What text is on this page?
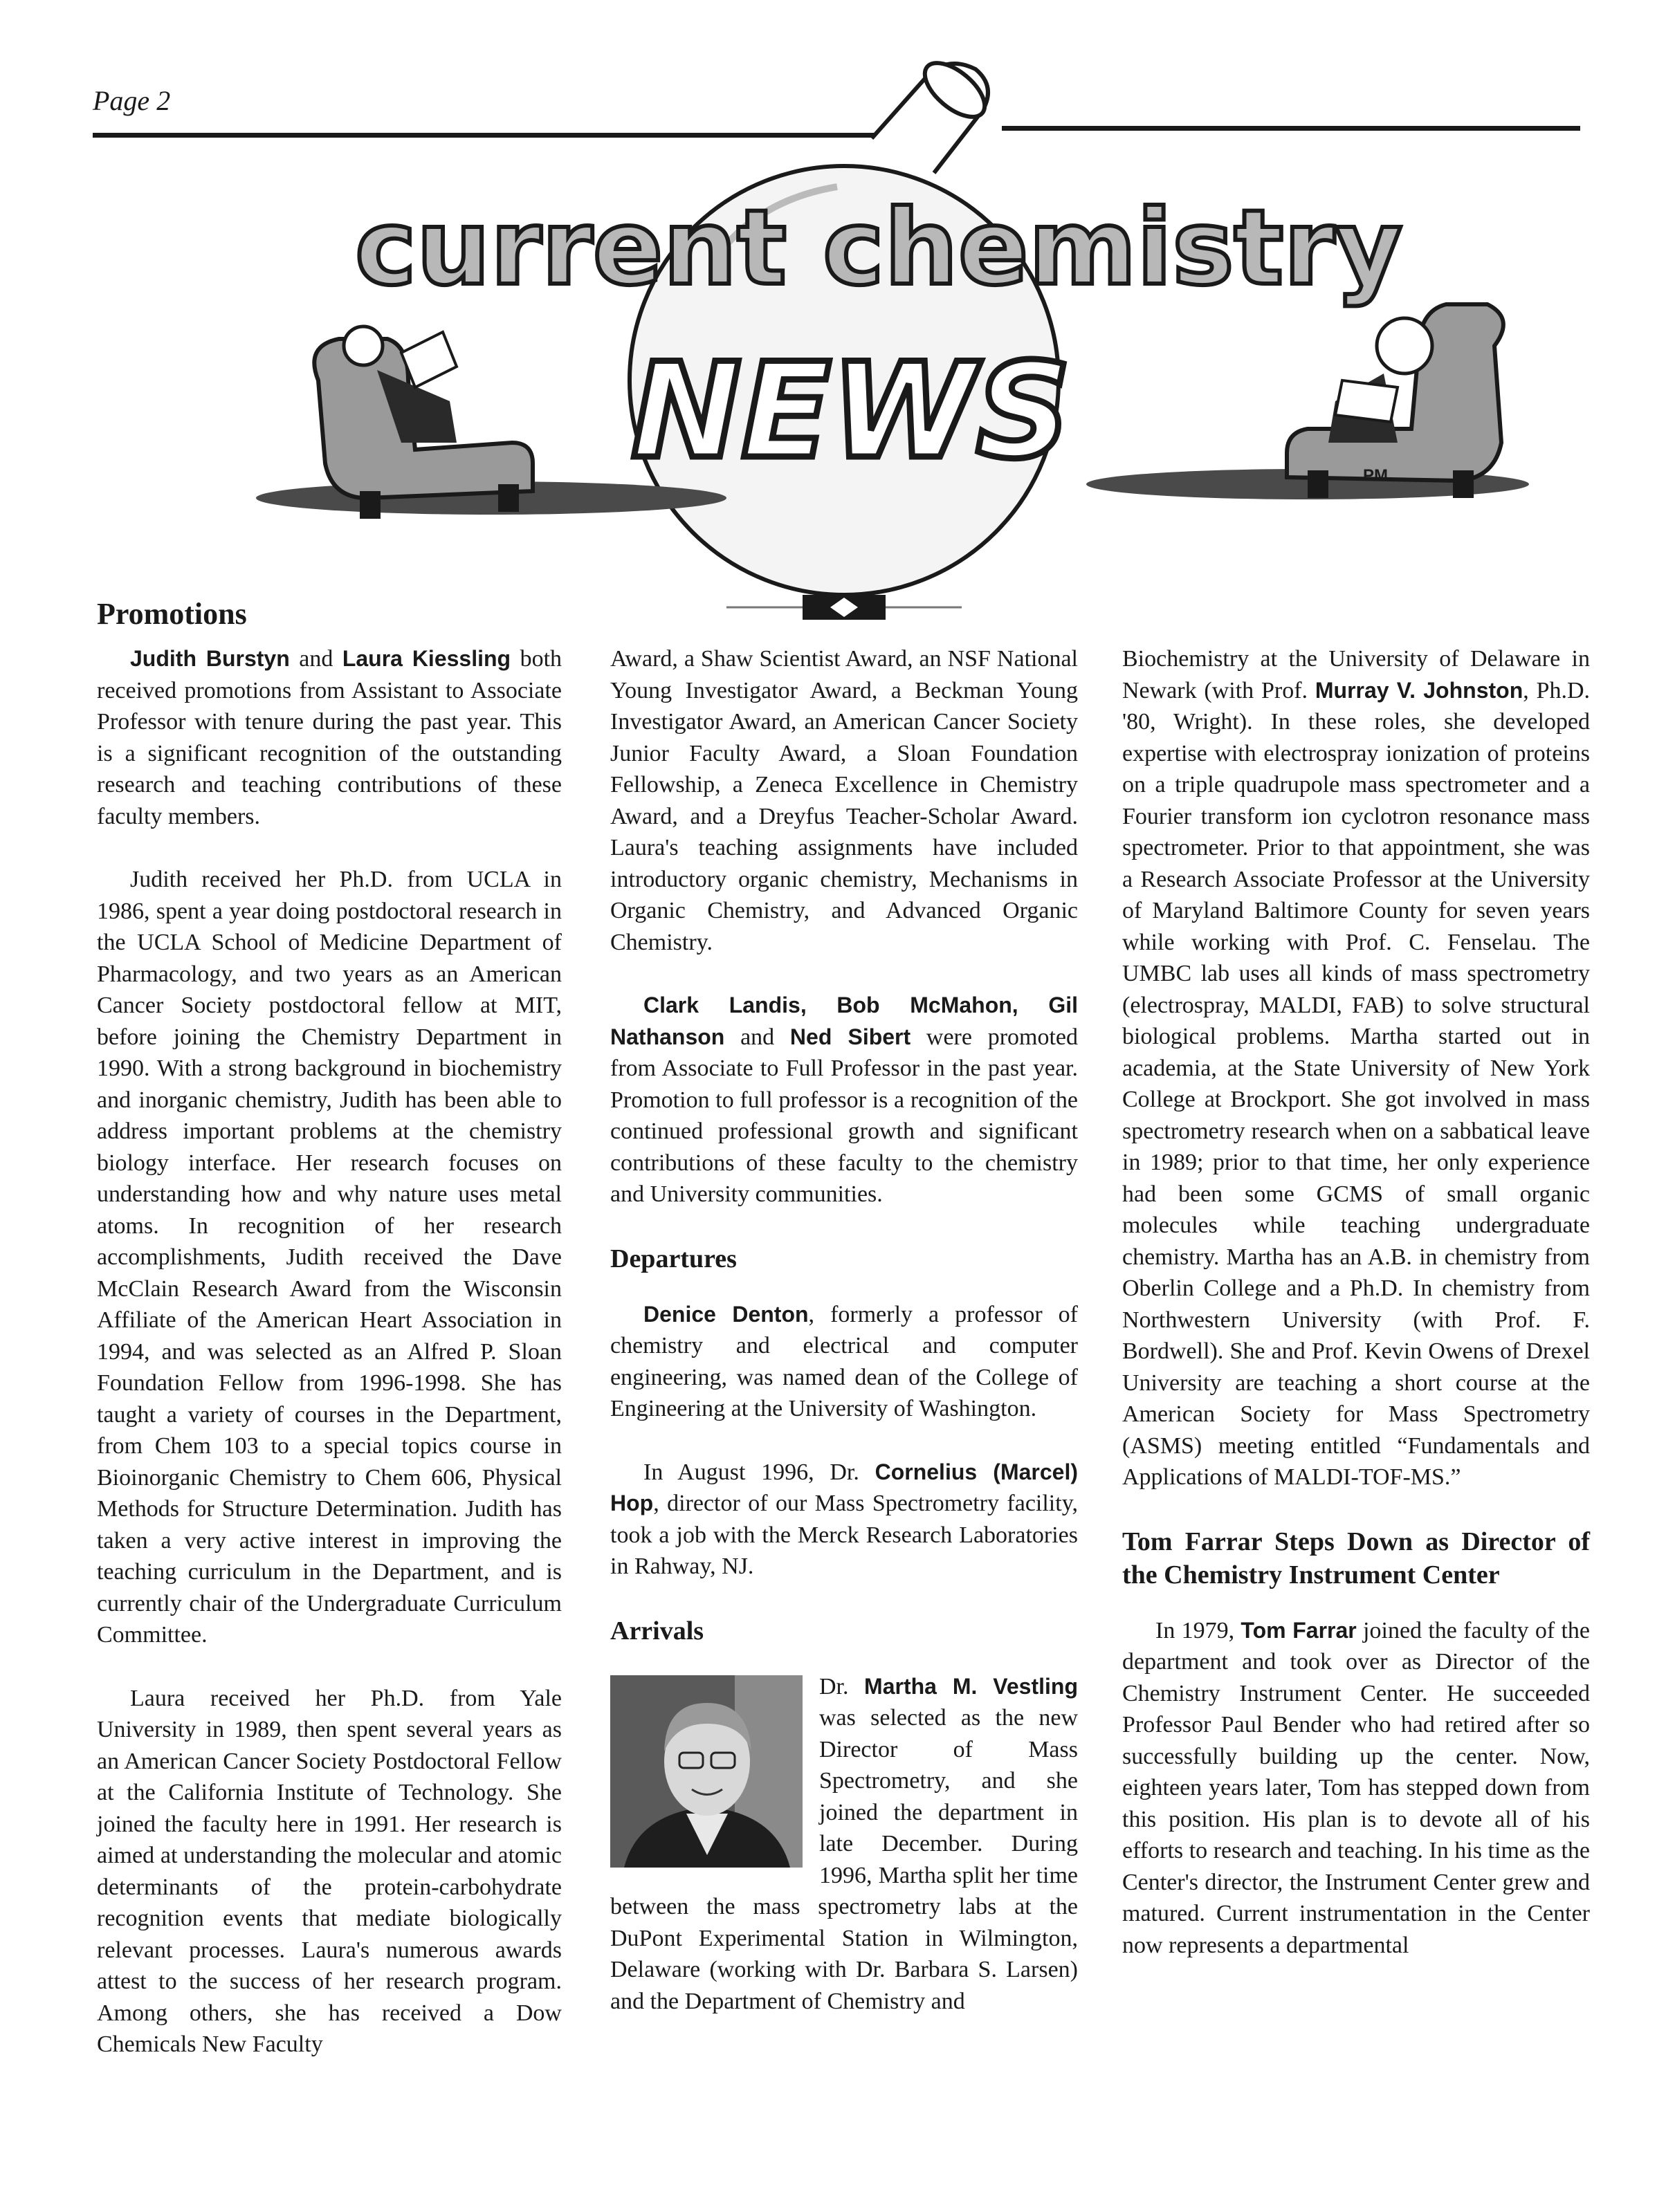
Page 2
current chemistry
NEWS	PM
Promotions

Judith Burstyn and Laura Kiessling both received promotions from Assistant to Associate Professor with tenure during the past year. This is a significant recognition of the outstanding research and teaching contributions of these faculty members.

Judith received her Ph.D. from UCLA in 1986, spent a year doing postdoctoral research in the UCLA School of Medicine Department of Pharmacology, and two years as an American Cancer Society postdoctoral fellow at MIT, before joining the Chemistry Department in 1990. With a strong background in biochemistry and inorganic chemistry, Judith has been able to address important problems at the chemistry biology interface. Her research focuses on understanding how and why nature uses metal atoms. In recognition of her research accomplishments, Judith received the Dave McClain Research Award from the Wisconsin Affiliate of the American Heart Association in 1994, and was selected as an Alfred P. Sloan Foundation Fellow from 1996-1998. She has taught a variety of courses in the Department, from Chem 103 to a special topics course in Bioinorganic Chemistry to Chem 606, Physical Methods for Structure Determination. Judith has taken a very active interest in improving the teaching curriculum in the Department, and is currently chair of the Undergraduate Curriculum Committee.

Laura received her Ph.D. from Yale University in 1989, then spent several years as an American Cancer Society Postdoctoral Fellow at the California Institute of Technology. She joined the faculty here in 1991. Her research is aimed at understanding the molecular and atomic determinants of the protein-carbohydrate recognition events that mediate biologically relevant processes. Laura's numerous awards attest to the success of her research program. Among others, she has received a Dow Chemicals New Faculty

Award, a Shaw Scientist Award, an NSF National Young Investigator Award, a Beckman Young Investigator Award, an American Cancer Society Junior Faculty Award, a Sloan Foundation Fellowship, a Zeneca Excellence in Chemistry Award, and a Dreyfus Teacher-Scholar Award. Laura's teaching assignments have included introductory organic chemistry, Mechanisms in Organic Chemistry, and Advanced Organic Chemistry.

Clark Landis, Bob McMahon, Gil Nathanson and Ned Sibert were promoted from Associate to Full Professor in the past year. Promotion to full professor is a recognition of the continued professional growth and significant contributions of these faculty to the chemistry and University communities.

Departures

Denice Denton, formerly a professor of chemistry and electrical and computer engineering, was named dean of the College of Engineering at the University of Washington.

In August 1996, Dr. Cornelius (Marcel) Hop, director of our Mass Spectrometry facility, took a job with the Merck Research Laboratories in Rahway, NJ.

Arrivals

Dr. Martha M. Vestling was selected as the new Director of Mass Spectrometry, and she joined the department in late December. During 1996, Martha split her time between the mass spectrometry labs at the DuPont Experimental Station in Wilmington, Delaware (working with Dr. Barbara S. Larsen) and the Department of Chemistry and

Biochemistry at the University of Delaware in Newark (with Prof. Murray V. Johnston, Ph.D. '80, Wright). In these roles, she developed expertise with electrospray ionization of proteins on a triple quadrupole mass spectrometer and a Fourier transform ion cyclotron resonance mass spectrometer. Prior to that appointment, she was a Research Associate Professor at the University of Maryland Baltimore County for seven years while working with Prof. C. Fenselau. The UMBC lab uses all kinds of mass spectrometry (electrospray, MALDI, FAB) to solve structural biological problems. Martha started out in academia, at the State University of New York College at Brockport. She got involved in mass spectrometry research when on a sabbatical leave in 1989; prior to that time, her only experience had been some GCMS of small organic molecules while teaching undergraduate chemistry. Martha has an A.B. in chemistry from Oberlin College and a Ph.D. In chemistry from Northwestern University (with Prof. F. Bordwell). She and Prof. Kevin Owens of Drexel University are teaching a short course at the American Society for Mass Spectrometry (ASMS) meeting entitled “Fundamentals and Applications of MALDI-TOF-MS.”

Tom Farrar Steps Down as Director of the Chemistry Instrument Center

In 1979, Tom Farrar joined the faculty of the department and took over as Director of the Chemistry Instrument Center. He succeeded Professor Paul Bender who had retired after so successfully building up the center. Now, eighteen years later, Tom has stepped down from this position. His plan is to devote all of his efforts to research and teaching. In his time as the Center's director, the Instrument Center grew and matured. Current instrumentation in the Center now represents a departmental
